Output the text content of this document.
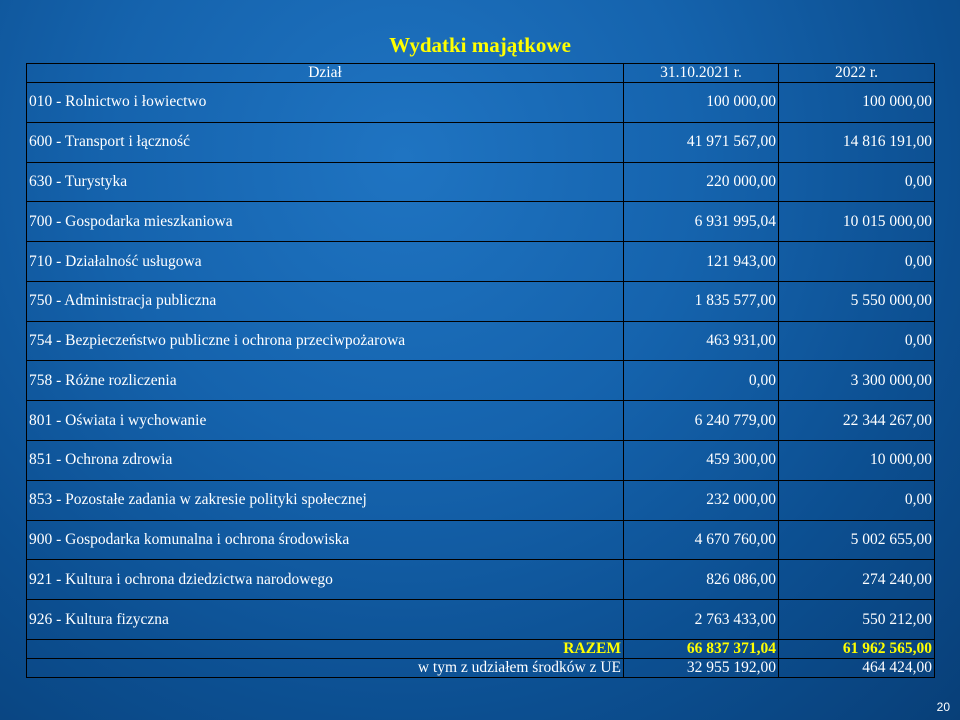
Wydatki majątkowe
Dział	31.10.2021 r.	2022 r.
010 - Rolnictwo i łowiectwo	100 000,00	100 000,00
600 - Transport i łączność	41 971 567,00	14 816 191,00
630 - Turystyka	220 000,00	0,00
700 - Gospodarka mieszkaniowa	6 931 995,04	10 015 000,00
710 - Działalność usługowa	121 943,00	0,00
750 - Administracja publiczna	1 835 577,00	5 550 000,00
754 - Bezpieczeństwo publiczne i ochrona przeciwpożarowa	463 931,00	0,00
758 - Różne rozliczenia	0,00	3 300 000,00
801 - Oświata i wychowanie	6 240 779,00	22 344 267,00
851 - Ochrona zdrowia	459 300,00	10 000,00
853 - Pozostałe zadania w zakresie polityki społecznej	232 000,00	0,00
900 - Gospodarka komunalna i ochrona środowiska	4 670 760,00	5 002 655,00
921 - Kultura i ochrona dziedzictwa narodowego	826 086,00	274 240,00
926 - Kultura fizyczna	2 763 433,00	550 212,00
RAZEM	66 837 371,04	61 962 565,00
w tym z udziałem środków z UE	32 955 192,00	464 424,00
20
